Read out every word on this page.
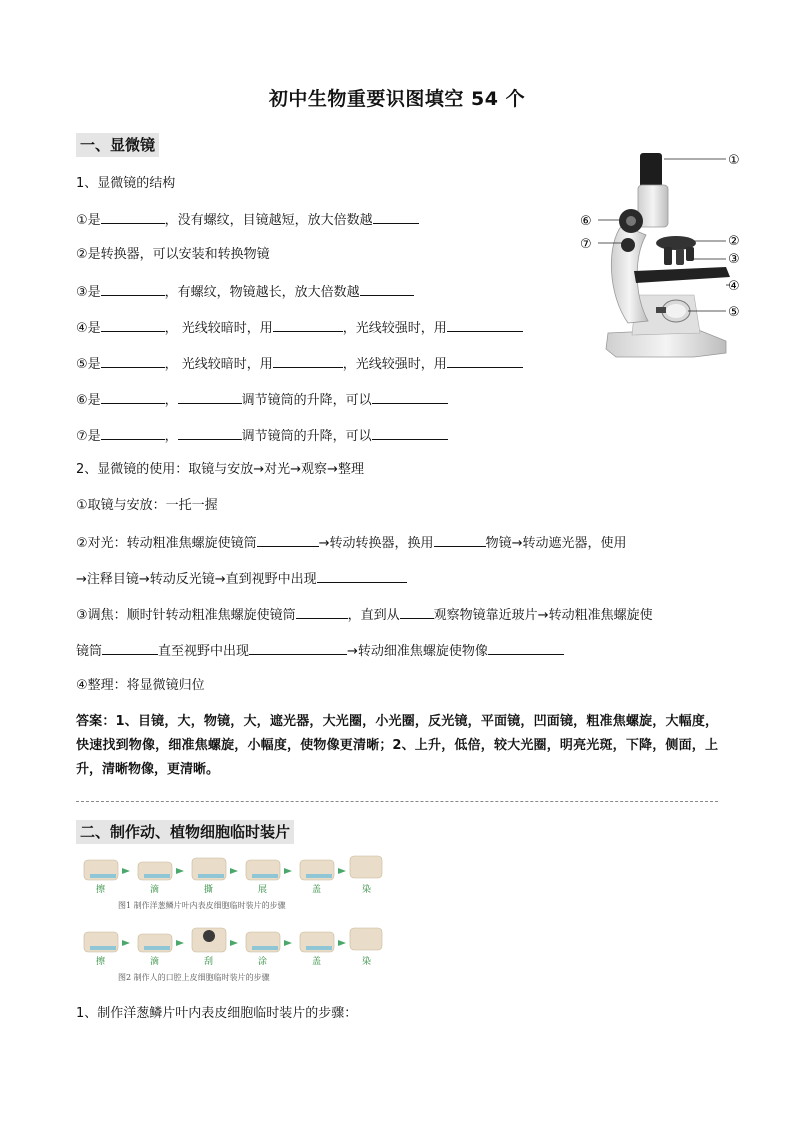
初中生物重要识图填空 54 个
一、显微镜
1、显微镜的结构
①是	，没有螺纹，目镜越短，放大倍数越
②是转换器，可以安装和转换物镜
③是	，有螺纹，物镜越长，放大倍数越
④是	， 光线较暗时，用	，光线较强时，用
⑤是	， 光线较暗时，用	，光线较强时，用
⑥是	，	调节镜筒的升降，可以
⑦是	，	调节镜筒的升降，可以
2、显微镜的使用：取镜与安放→对光→观察→整理
①取镜与安放：一托一握
②对光：转动粗准焦螺旋使镜筒	→转动转换器，换用	物镜→转动遮光器，使用
→注释目镜→转动反光镜→直到视野中出现
③调焦：顺时针转动粗准焦螺旋使镜筒	，直到从	观察物镜靠近玻片→转动粗准焦螺旋使
镜筒	直至视野中出现	→转动细准焦螺旋使物像
④整理：将显微镜归位
答案：1、目镜，大，物镜，大，遮光器，大光圈，小光圈，反光镜，平面镜，凹面镜，粗准焦螺旋，大幅度，快速找到物像，细准焦螺旋，小幅度，使物像更清晰；2、上升，低倍，较大光圈，明亮光斑，下降，侧面，上升，清晰物像，更清晰。
①
②
③
④
⑤
⑥
⑦
二、制作动、植物细胞临时装片
擦	滴	撕	展	盖	染
图1 制作洋葱鳞片叶内表皮细胞临时装片的步骤
擦	滴	刮	涂	盖	染
图2 制作人的口腔上皮细胞临时装片的步骤
1、制作洋葱鳞片叶内表皮细胞临时装片的步骤：
